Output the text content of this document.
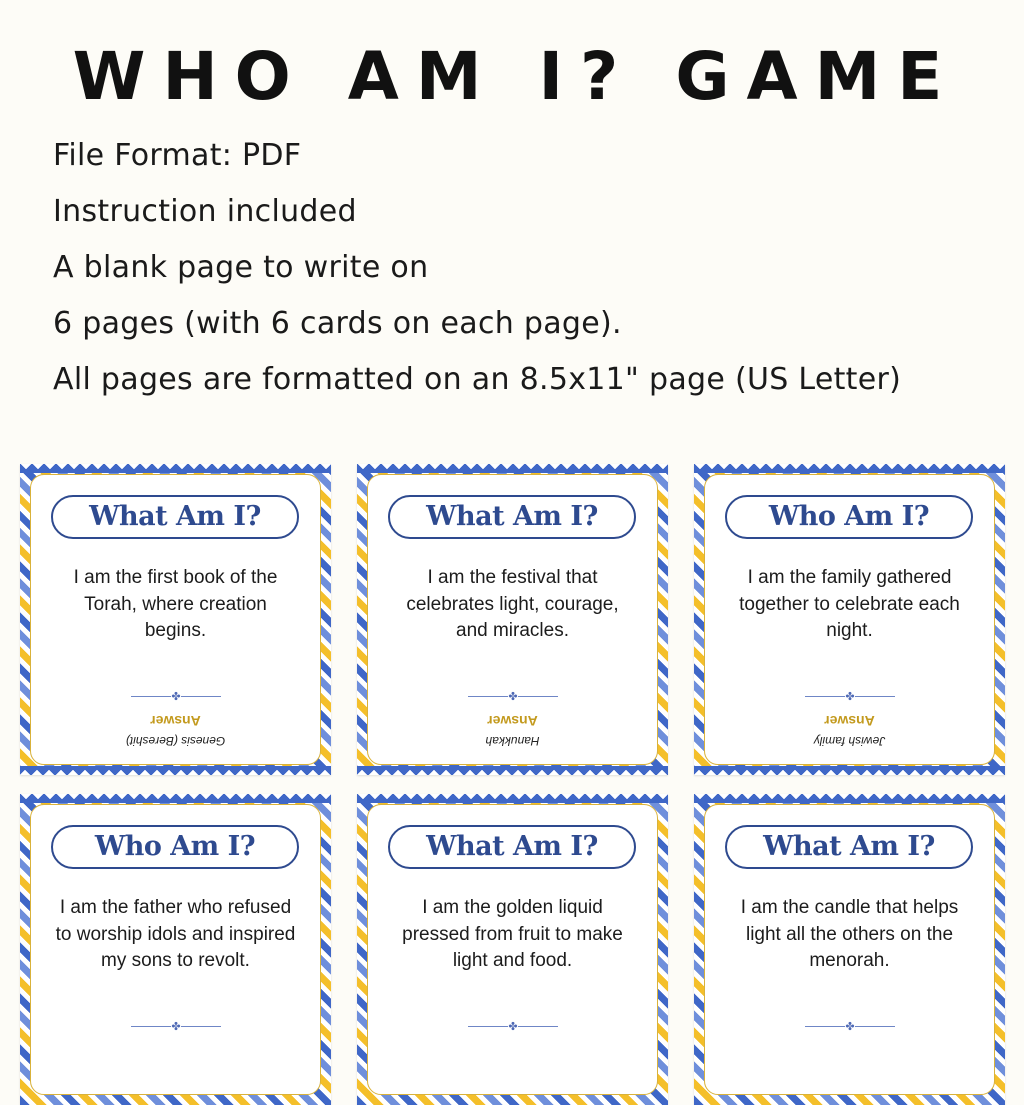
WHO AM I? GAME
File Format: PDF
Instruction included
A blank page to write on
6 pages (with 6 cards on each page).
All pages are formatted on an 8.5x11" page (US Letter)
What Am I?
I am the first book of the Torah, where creation begins.
✤
Genesis (Bereshit)
Answer
What Am I?
I am the festival that celebrates light, courage, and miracles.
✤
Hanukkah
Answer
Who Am I?
I am the family gathered together to celebrate each night.
✤
Jewish family
Answer
Who Am I?
I am the father who refused to worship idols and inspired my sons to revolt.
✤
What Am I?
I am the golden liquid pressed from fruit to make light and food.
✤
What Am I?
I am the candle that helps light all the others on the menorah.
✤
